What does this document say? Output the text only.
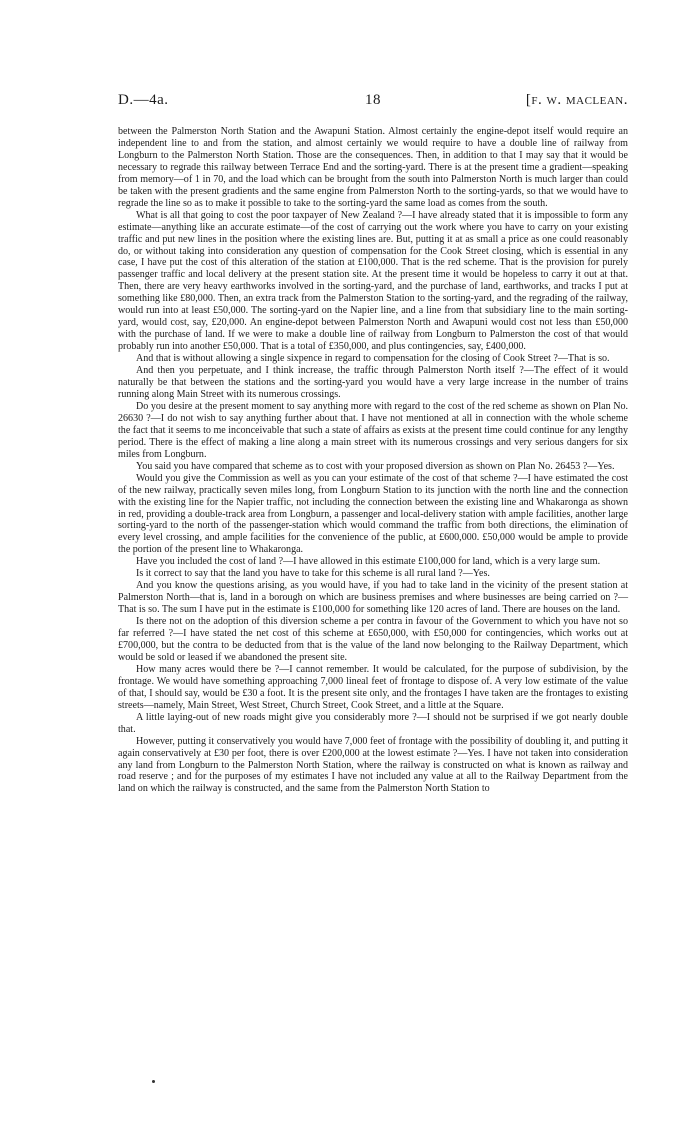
D.—4a.	18	[f. w. maclean.

between the Palmerston North Station and the Awapuni Station. Almost certainly the engine-depot itself would require an independent line to and from the station, and almost certainly we would require to have a double line of railway from Longburn to the Palmerston North Station. Those are the consequences. Then, in addition to that I may say that it would be necessary to regrade this railway between Terrace End and the sorting-yard. There is at the present time a gradient—speaking from memory—of 1 in 70, and the load which can be brought from the south into Palmerston North is much larger than could be taken with the present gradients and the same engine from Palmerston North to the sorting-yards, so that we would have to regrade the line so as to make it possible to take to the sorting-yard the same load as comes from the south.

What is all that going to cost the poor taxpayer of New Zealand ?—I have already stated that it is impossible to form any estimate—anything like an accurate estimate—of the cost of carrying out the work where you have to carry on your existing traffic and put new lines in the position where the existing lines are. But, putting it at as small a price as one could reasonably do, or without taking into consideration any question of compensation for the Cook Street closing, which is essential in any case, I have put the cost of this alteration of the station at £100,000. That is the red scheme. That is the provision for purely passenger traffic and local delivery at the present station site. At the present time it would be hopeless to carry it out at that. Then, there are very heavy earthworks involved in the sorting-yard, and the purchase of land, earthworks, and tracks I put at something like £80,000. Then, an extra track from the Palmerston Station to the sorting-yard, and the regrading of the railway, would run into at least £50,000. The sorting-yard on the Napier line, and a line from that subsidiary line to the main sorting-yard, would cost, say, £20,000. An engine-depot between Palmerston North and Awapuni would cost not less than £50,000 with the purchase of land. If we were to make a double line of railway from Longburn to Palmerston the cost of that would probably run into another £50,000. That is a total of £350,000, and plus contingencies, say, £400,000.

And that is without allowing a single sixpence in regard to compensation for the closing of Cook Street ?—That is so.

And then you perpetuate, and I think increase, the traffic through Palmerston North itself ?—The effect of it would naturally be that between the stations and the sorting-yard you would have a very large increase in the number of trains running along Main Street with its numerous crossings.

Do you desire at the present moment to say anything more with regard to the cost of the red scheme as shown on Plan No. 26630 ?—I do not wish to say anything further about that. I have not mentioned at all in connection with the whole scheme the fact that it seems to me inconceivable that such a state of affairs as exists at the present time could continue for any lengthy period. There is the effect of making a line along a main street with its numerous crossings and very serious dangers for six miles from Longburn.

You said you have compared that scheme as to cost with your proposed diversion as shown on Plan No. 26453 ?—Yes.

Would you give the Commission as well as you can your estimate of the cost of that scheme ?—I have estimated the cost of the new railway, practically seven miles long, from Longburn Station to its junction with the north line and the connection with the existing line for the Napier traffic, not including the connection between the existing line and Whakaronga as shown in red, providing a double-track area from Longburn, a passenger and local-delivery station with ample facilities, another large sorting-yard to the north of the passenger-station which would command the traffic from both directions, the elimination of every level crossing, and ample facilities for the convenience of the public, at £600,000. £50,000 would be ample to provide the portion of the present line to Whakaronga.

Have you included the cost of land ?—I have allowed in this estimate £100,000 for land, which is a very large sum.

Is it correct to say that the land you have to take for this scheme is all rural land ?—Yes.

And you know the questions arising, as you would have, if you had to take land in the vicinity of the present station at Palmerston North—that is, land in a borough on which are business premises and where businesses are being carried on ?—That is so. The sum I have put in the estimate is £100,000 for something like 120 acres of land. There are houses on the land.

Is there not on the adoption of this diversion scheme a per contra in favour of the Government to which you have not so far referred ?—I have stated the net cost of this scheme at £650,000, with £50,000 for contingencies, which works out at £700,000, but the contra to be deducted from that is the value of the land now belonging to the Railway Department, which would be sold or leased if we abandoned the present site.

How many acres would there be ?—I cannot remember. It would be calculated, for the purpose of subdivision, by the frontage. We would have something approaching 7,000 lineal feet of frontage to dispose of. A very low estimate of the value of that, I should say, would be £30 a foot. It is the present site only, and the frontages I have taken are the frontages to existing streets—namely, Main Street, West Street, Church Street, Cook Street, and a little at the Square.

A little laying-out of new roads might give you considerably more ?—I should not be surprised if we got nearly double that.

However, putting it conservatively you would have 7,000 feet of frontage with the possibility of doubling it, and putting it again conservatively at £30 per foot, there is over £200,000 at the lowest estimate ?—Yes. I have not taken into consideration any land from Longburn to the Palmerston North Station, where the railway is constructed on what is known as railway and road reserve ; and for the purposes of my estimates I have not included any value at all to the Railway Department from the land on which the railway is constructed, and the same from the Palmerston North Station to
